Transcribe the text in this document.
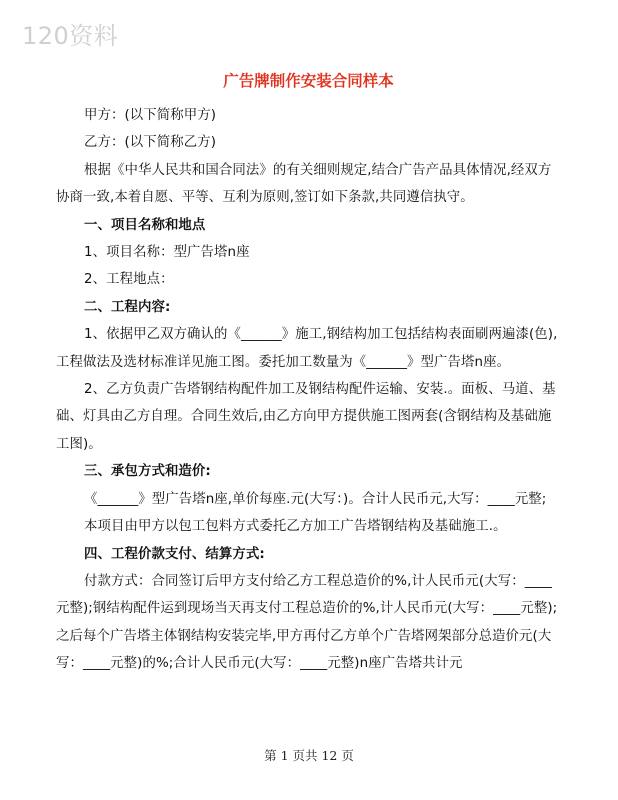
120资料
广告牌制作安装合同样本

甲方：(以下简称甲方)

乙方：(以下简称乙方)

根据《中华人民共和国合同法》的有关细则规定,结合广告产品具体情况,经双方协商一致,本着自愿、平等、互利为原则,签订如下条款,共同遵信执守。

一、项目名称和地点

1、项目名称：型广告塔n座

2、工程地点：

二、工程内容:

1、依据甲乙双方确认的《______》施工,钢结构加工包括结构表面刷两遍漆(色),工程做法及选材标准详见施工图。委托加工数量为《______》型广告塔n座。

2、乙方负责广告塔钢结构配件加工及钢结构配件运输、安装.。面板、马道、基础、灯具由乙方自理。合同生效后,由乙方向甲方提供施工图两套(含钢结构及基础施工图)。

三、承包方式和造价:

《______》型广告塔n座,单价每座.元(大写：)。合计人民币元,大写：____元整;

本项目由甲方以包工包料方式委托乙方加工广告塔钢结构及基础施工.。

四、工程价款支付、结算方式:

付款方式：合同签订后甲方支付给乙方工程总造价的%,计人民币元(大写：____元整);钢结构配件运到现场当天再支付工程总造价的%,计人民币元(大写：____元整);之后每个广告塔主体钢结构安装完毕,甲方再付乙方单个广告塔网架部分总造价元(大写：____元整)的%;合计人民币元(大写：____元整)n座广告塔共计元

第 1 页共 12 页
